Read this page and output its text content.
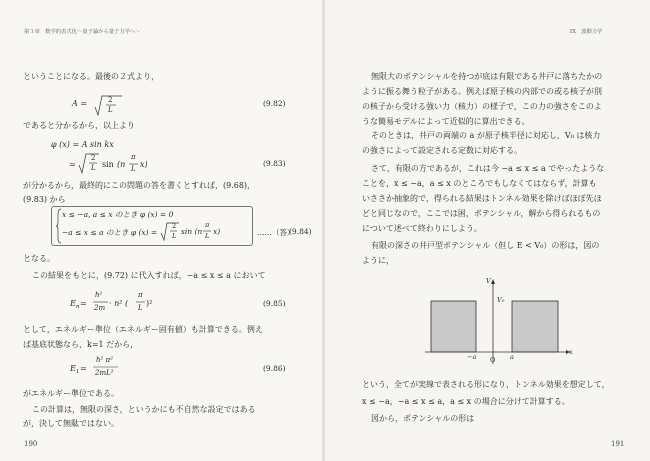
第３章　数学的表式化〜量子論から量子力学へ〜
ということになる。最後の２式より，
A =	2
L
(9.82)
であると分かるから，以上より
φ (x) = A sin kx
=
2
L sin (n
π
L x)	(9.83)
が分かるから，最終的にこの問題の答を書くとすれば，(9.68)，
(9.83) から
x ≤ −a, a ≤ x のとき φ (x) = 0
−a ≤ x ≤ a のとき φ (x) =
2
L sin (n
π
L x)	……（答）
(9.84)
となる。
この結果をもとに，(9.72) に代入すれば，−a ≤ x ≤ a において
E n =
ℏ²
2m · n² (
π
L )²	(9.85)
として，エネルギー準位（エネルギー固有値）も計算できる。例え
ば基底状態なら，k=1 だから，
E 1 =
ℏ² π²
2mL²	(9.86)
がエネルギー準位である。
この計算は，無限の深さ，というかにも不自然な設定ではある
が，決して無駄ではない。
190
IX　波動力学
無限大のポテンシャルを持つが底は有限である井戸に落ちたかの
ように振る舞う粒子がある。例えば原子核の内部での或る核子が別
の核子から受ける強い力（核力）の様子で，この力の強さをこのよ
うな簡易モデルによって近似的に算出できる。
そのときは，井戸の両端の a が原子核半径に対応し，V₀ は核力
の強さによって設定される定数に対応する。
さて，有限の方であるが，これは今 −a ≤ x ≤ a でやったような
ことを，x ≤ −a，a ≤ x のところでもしなくてはならず，計算も
いささか抽象的で，得られる結果はトンネル効果を除けばほぼ先ほ
どと同じなので，ここでは困，ポテンシャル，解から得られるもの
について述べて終わりにしよう。
有限の深さの井戸型ポテンシャル（但し E < V₀）の形は，図の
ように，
V
V₀
−a O a
x
という，全てが実線で表される形になり，トンネル効果を想定して，
x ≤ −a，−a ≤ x ≤ a，a ≤ x の場合に分けて計算する。
図から，ポテンシャルの形は
191
